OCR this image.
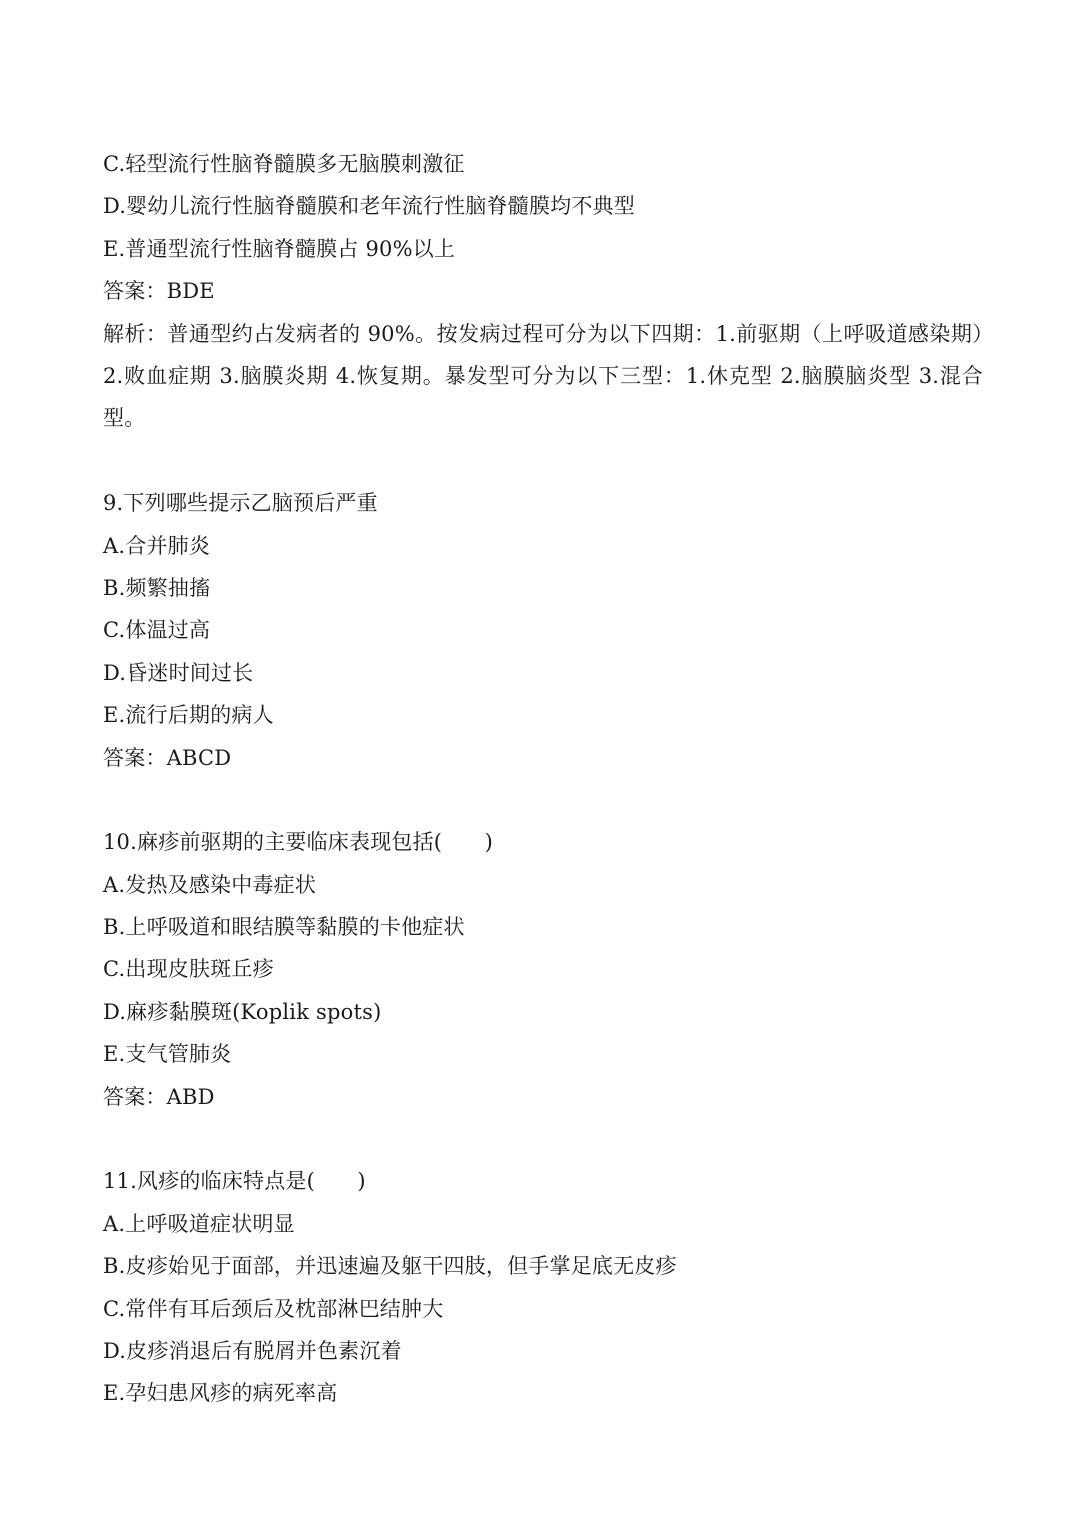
C.轻型流行性脑脊髓膜多无脑膜刺激征
D.婴幼儿流行性脑脊髓膜和老年流行性脑脊髓膜均不典型
E.普通型流行性脑脊髓膜占 90%以上
答案：BDE
解析：普通型约占发病者的 90%。按发病过程可分为以下四期：1.前驱期（上呼吸道感染期）2.败血症期 3.脑膜炎期 4.恢复期。暴发型可分为以下三型：1.休克型 2.脑膜脑炎型 3.混合型。
9.下列哪些提示乙脑预后严重
A.合并肺炎
B.频繁抽搐
C.体温过高
D.昏迷时间过长
E.流行后期的病人
答案：ABCD
10.麻疹前驱期的主要临床表现包括(　　)
A.发热及感染中毒症状
B.上呼吸道和眼结膜等黏膜的卡他症状
C.出现皮肤斑丘疹
D.麻疹黏膜斑(Koplik spots)
E.支气管肺炎
答案：ABD
11.风疹的临床特点是(　　)
A.上呼吸道症状明显
B.皮疹始见于面部，并迅速遍及躯干四肢，但手掌足底无皮疹
C.常伴有耳后颈后及枕部淋巴结肿大
D.皮疹消退后有脱屑并色素沉着
E.孕妇患风疹的病死率高
